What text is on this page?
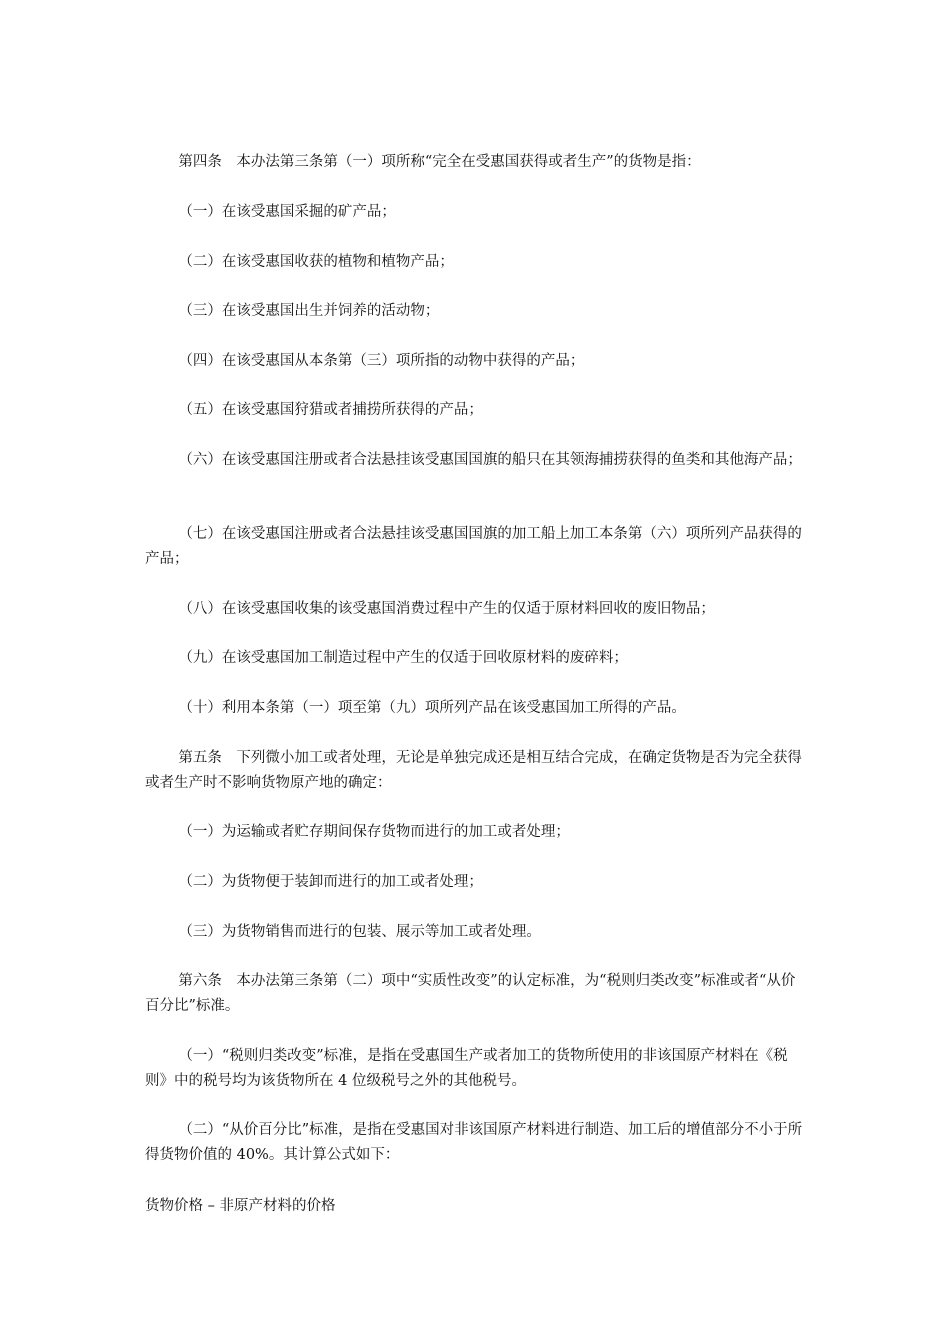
第四条　本办法第三条第（一）项所称“完全在受惠国获得或者生产”的货物是指：

（一）在该受惠国采掘的矿产品；

（二）在该受惠国收获的植物和植物产品；

（三）在该受惠国出生并饲养的活动物；

（四）在该受惠国从本条第（三）项所指的动物中获得的产品；

（五）在该受惠国狩猎或者捕捞所获得的产品；

（六）在该受惠国注册或者合法悬挂该受惠国国旗的船只在其领海捕捞获得的鱼类和其他海产品；

（七）在该受惠国注册或者合法悬挂该受惠国国旗的加工船上加工本条第（六）项所列产品获得的产品；

（八）在该受惠国收集的该受惠国消费过程中产生的仅适于原材料回收的废旧物品；

（九）在该受惠国加工制造过程中产生的仅适于回收原材料的废碎料；

（十）利用本条第（一）项至第（九）项所列产品在该受惠国加工所得的产品。

第五条　下列微小加工或者处理，无论是单独完成还是相互结合完成，在确定货物是否为完全获得或者生产时不影响货物原产地的确定：

（一）为运输或者贮存期间保存货物而进行的加工或者处理；

（二）为货物便于装卸而进行的加工或者处理；

（三）为货物销售而进行的包装、展示等加工或者处理。

第六条　本办法第三条第（二）项中“实质性改变”的认定标准，为“税则归类改变”标准或者“从价百分比”标准。

（一）“税则归类改变”标准，是指在受惠国生产或者加工的货物所使用的非该国原产材料在《税则》中的税号均为该货物所在 4 位级税号之外的其他税号。

（二）“从价百分比”标准，是指在受惠国对非该国原产材料进行制造、加工后的增值部分不小于所得货物价值的 40%。其计算公式如下：

货物价格 – 非原产材料的价格
